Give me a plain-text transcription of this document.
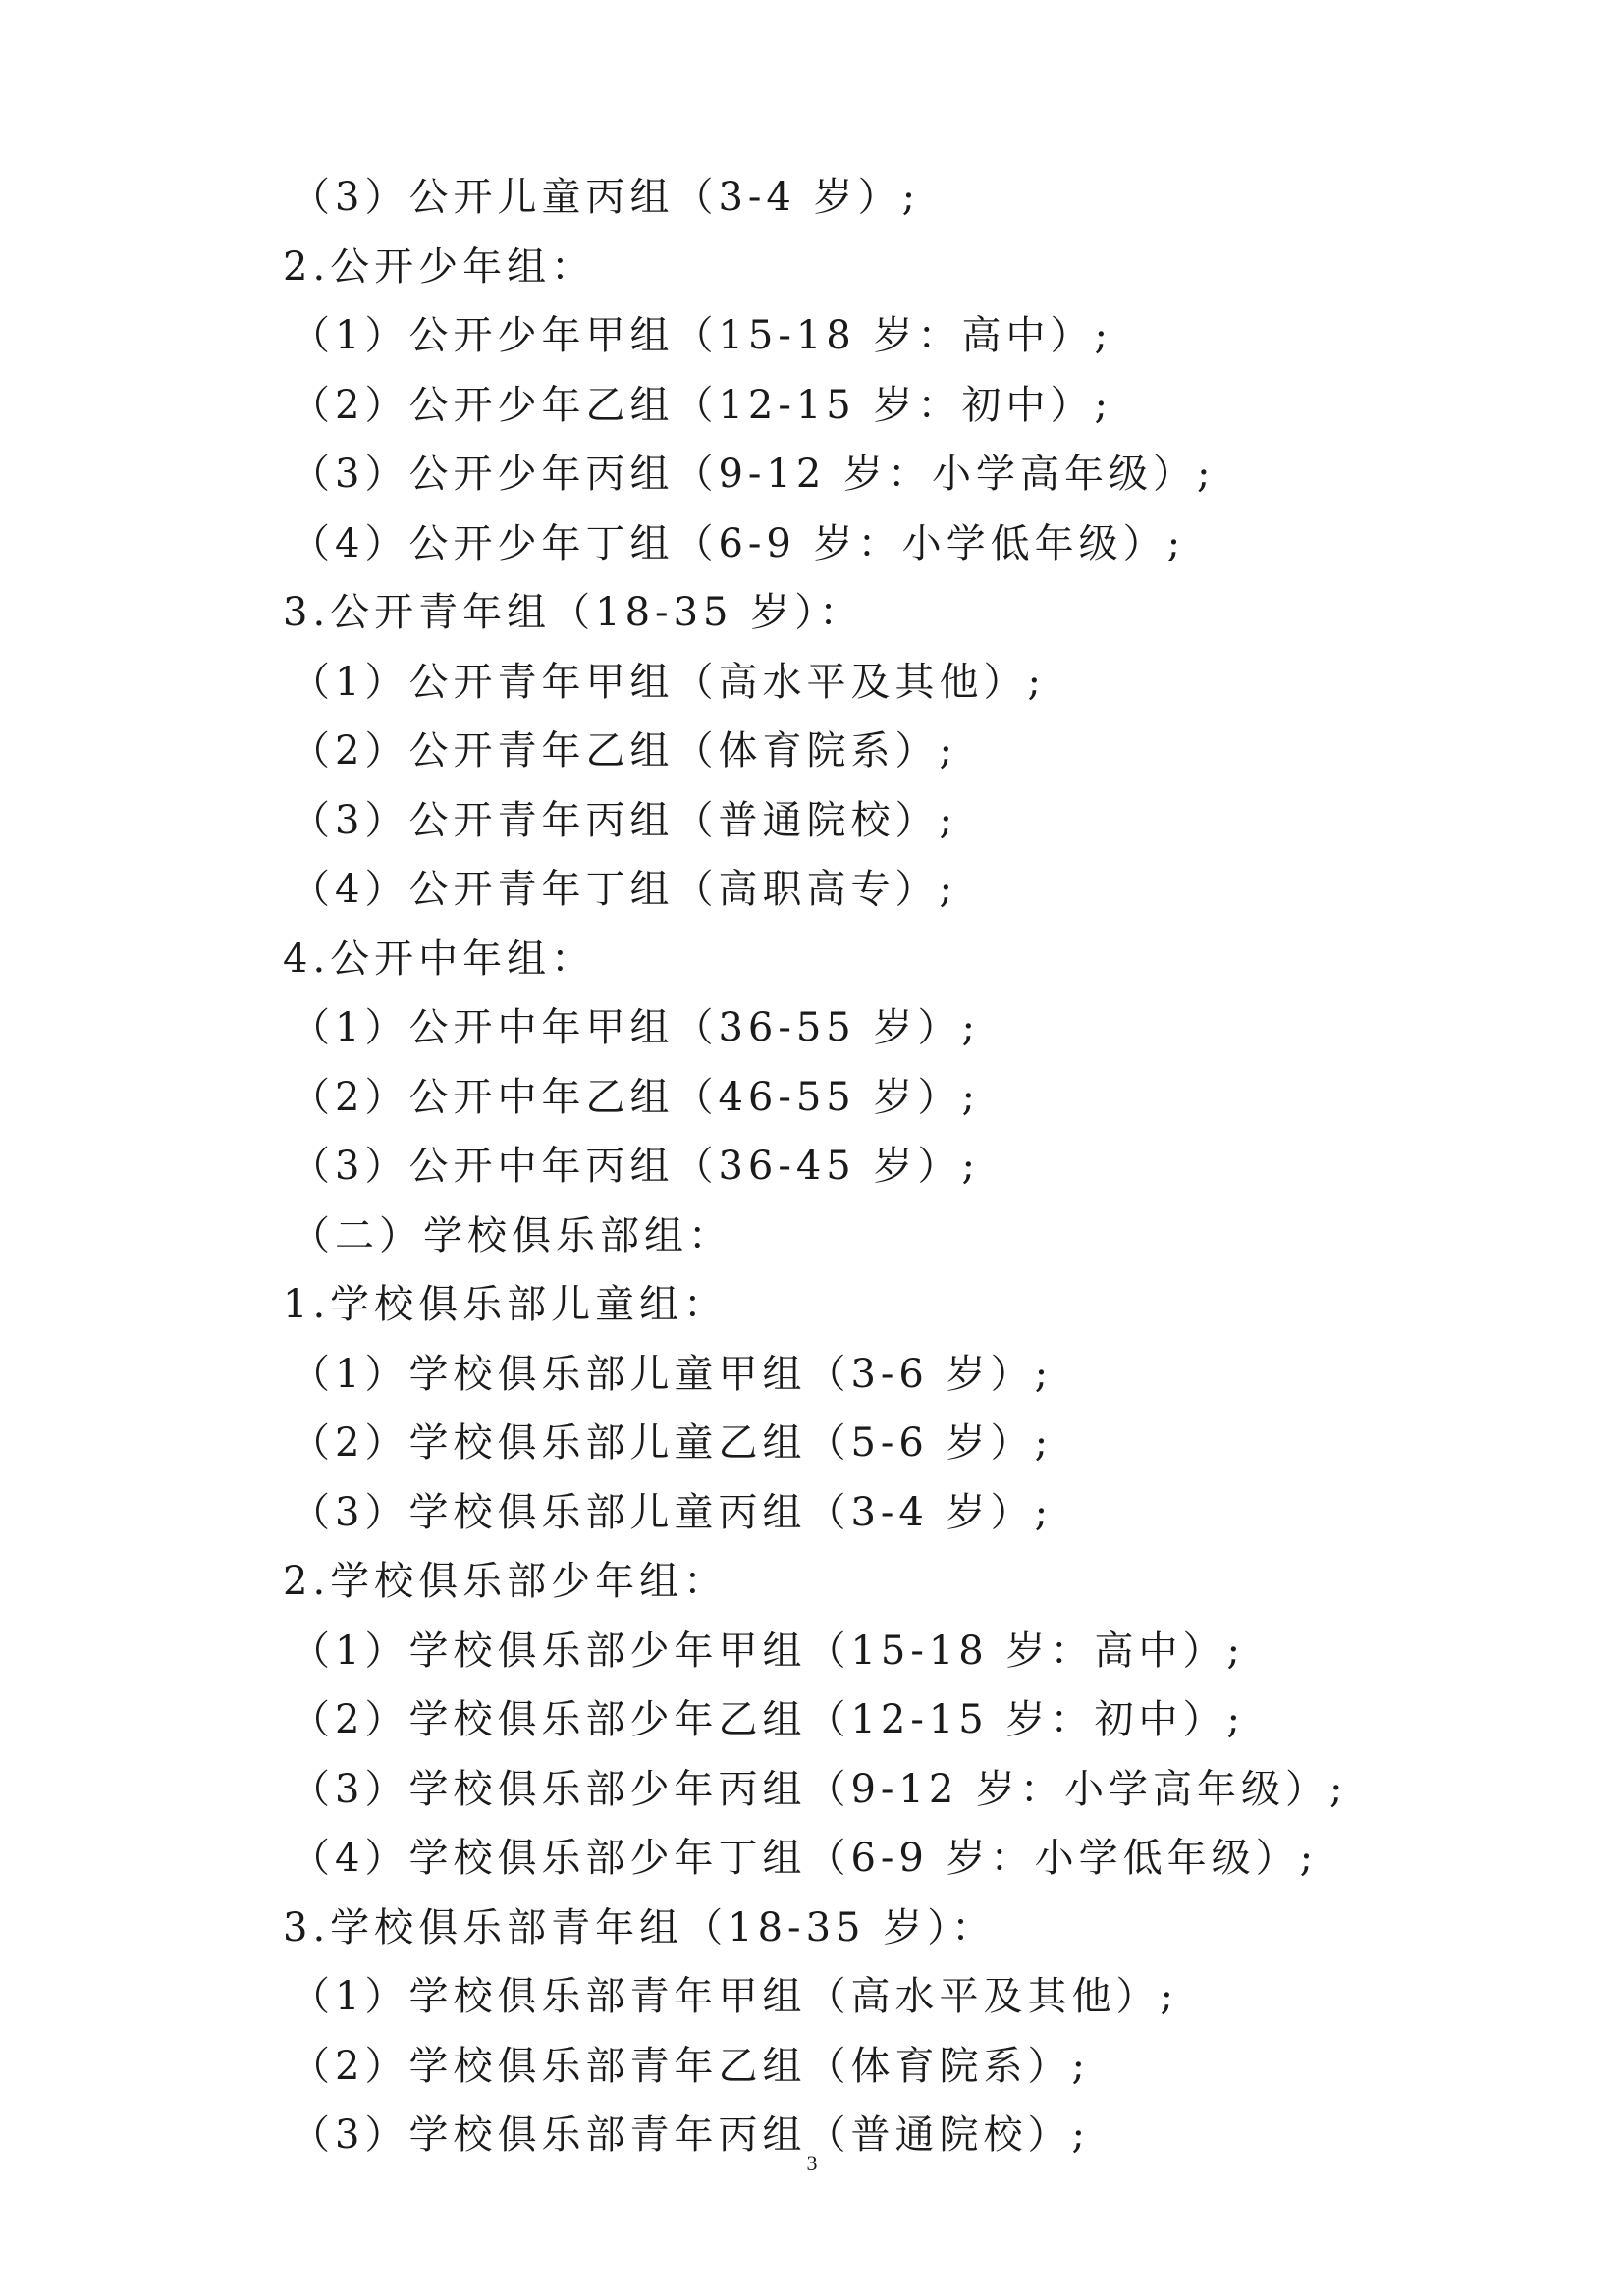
（3）公开儿童丙组（3-4 岁）;
2.公开少年组：
（1）公开少年甲组（15-18 岁：高中）;
（2）公开少年乙组（12-15 岁：初中）;
（3）公开少年丙组（9-12 岁：小学高年级）;
（4）公开少年丁组（6-9 岁：小学低年级）;
3.公开青年组（18-35 岁）：
（1）公开青年甲组（高水平及其他）;
（2）公开青年乙组（体育院系）;
（3）公开青年丙组（普通院校）;
（4）公开青年丁组（高职高专）;
4.公开中年组：
（1）公开中年甲组（36-55 岁）;
（2）公开中年乙组（46-55 岁）;
（3）公开中年丙组（36-45 岁）;
（二）学校俱乐部组：
1.学校俱乐部儿童组：
（1）学校俱乐部儿童甲组（3-6 岁）;
（2）学校俱乐部儿童乙组（5-6 岁）;
（3）学校俱乐部儿童丙组（3-4 岁）;
2.学校俱乐部少年组：
（1）学校俱乐部少年甲组（15-18 岁：高中）;
（2）学校俱乐部少年乙组（12-15 岁：初中）;
（3）学校俱乐部少年丙组（9-12 岁：小学高年级）;
（4）学校俱乐部少年丁组（6-9 岁：小学低年级）;
3.学校俱乐部青年组（18-35 岁）：
（1）学校俱乐部青年甲组（高水平及其他）;
（2）学校俱乐部青年乙组（体育院系）;
（3）学校俱乐部青年丙组（普通院校）;
3
